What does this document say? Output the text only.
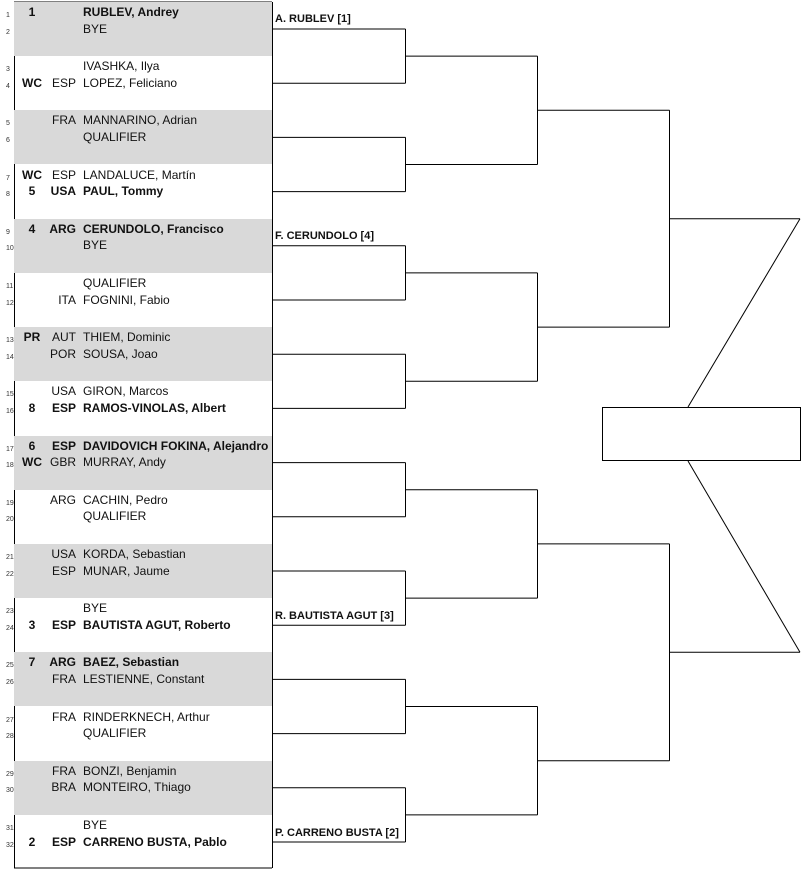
1	1	RUBLEV, Andrey
2	BYE
3	IVASHKA, Ilya
4	WC ESP LOPEZ, Feliciano
5	FRA MANNARINO, Adrian
6	QUALIFIER
7	WC ESP LANDALUCE, Martín
8	5	USA PAUL, Tommy
9	4	ARG CERUNDOLO, Francisco
10	BYE
11	QUALIFIER
12	ITA FOGNINI, Fabio
13 PR AUT THIEM, Dominic
14	POR SOUSA, Joao
15	USA GIRON, Marcos
16	8	ESP RAMOS-VINOLAS, Albert
17	6	ESP DAVIDOVICH FOKINA, Alejandro
18 WC GBR MURRAY, Andy
19	ARG CACHIN, Pedro
20	QUALIFIER
21	USA KORDA, Sebastian
22	ESP MUNAR, Jaume
23	BYE
24	3	ESP BAUTISTA AGUT, Roberto
25	7	ARG BAEZ, Sebastian
26	FRA LESTIENNE, Constant
27	FRA RINDERKNECH, Arthur
28	QUALIFIER
29	FRA BONZI, Benjamin
30	BRA MONTEIRO, Thiago
31	BYE
32	2	ESP CARRENO BUSTA, Pablo
A. RUBLEV [1]
F. CERUNDOLO [4]
R. BAUTISTA AGUT [3]
P. CARRENO BUSTA [2]
